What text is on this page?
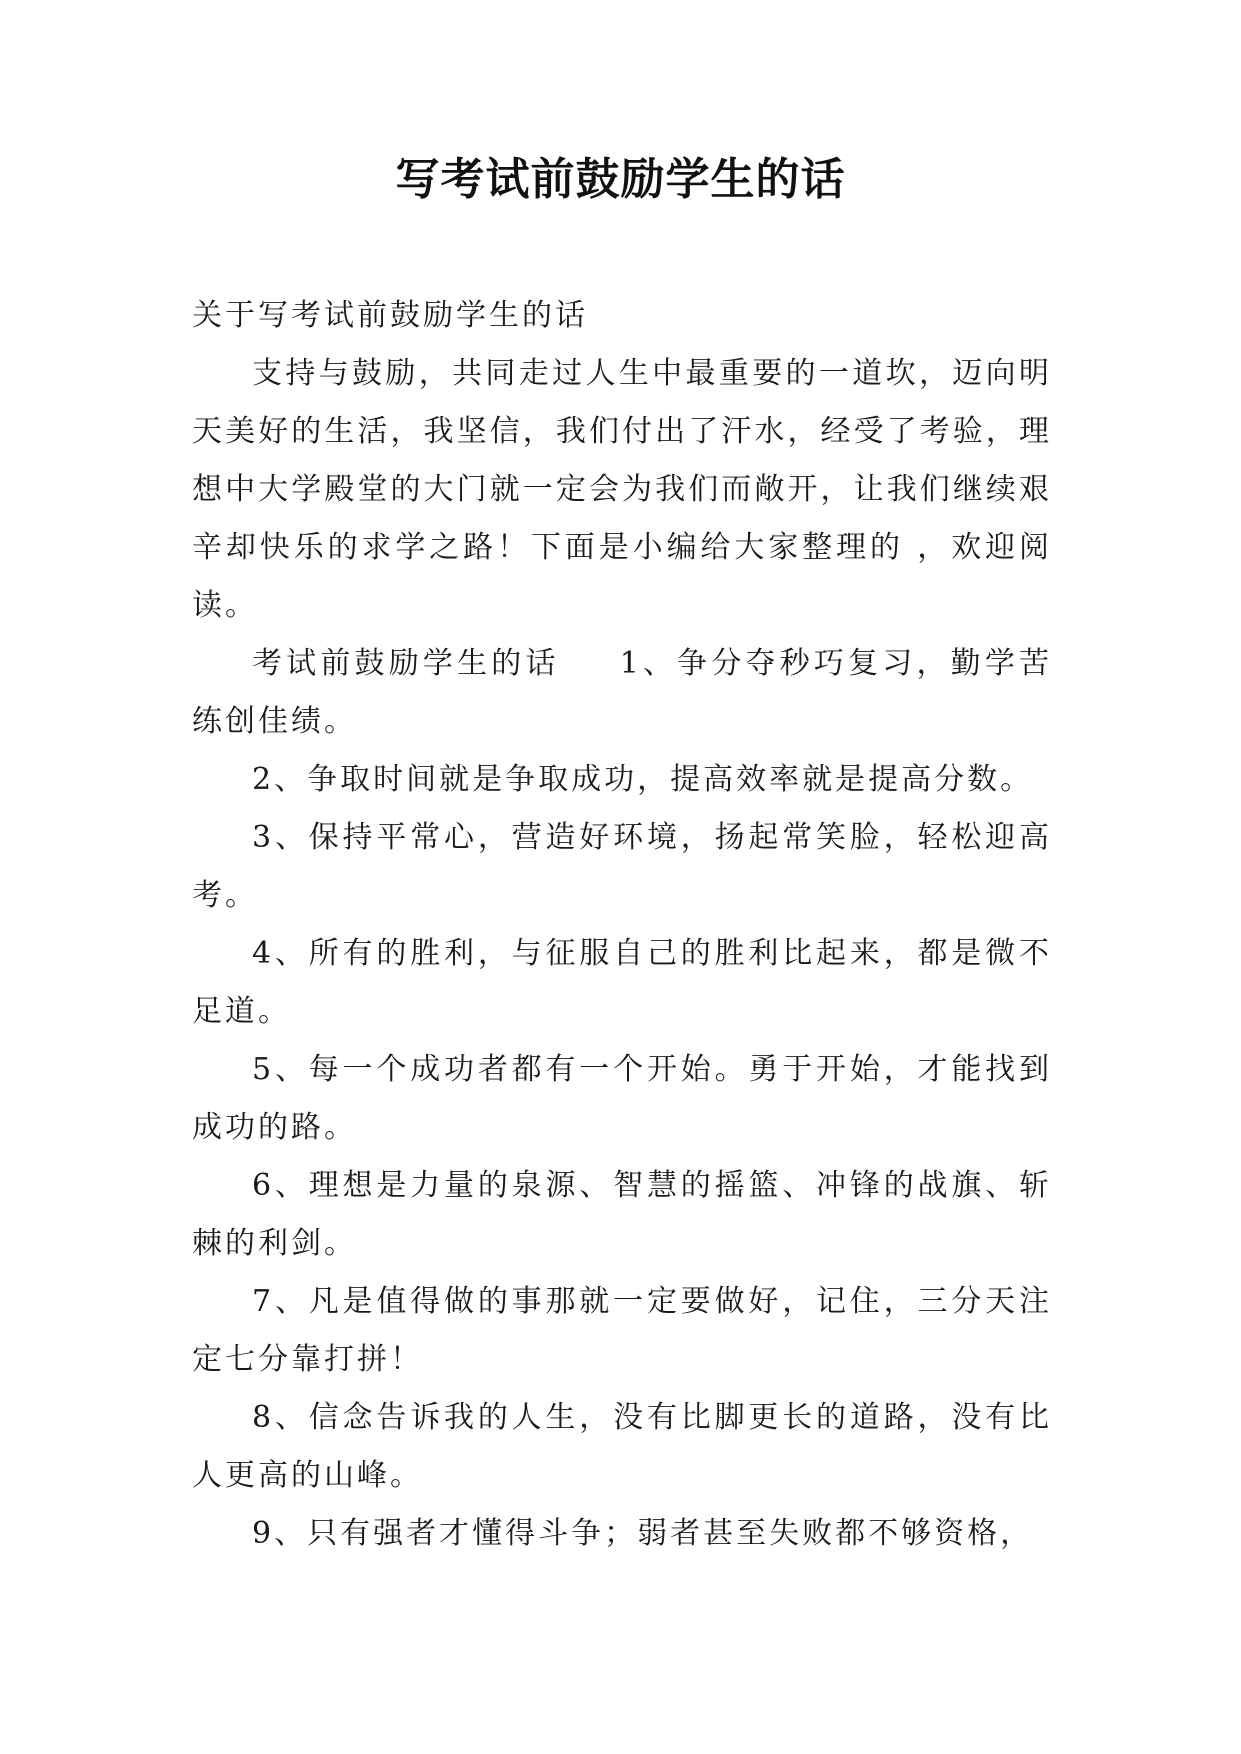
写考试前鼓励学生的话

关于写考试前鼓励学生的话

支持与鼓励，共同走过人生中最重要的一道坎，迈向明天美好的生活，我坚信，我们付出了汗水，经受了考验，理想中大学殿堂的大门就一定会为我们而敞开，让我们继续艰辛却快乐的求学之路！下面是小编给大家整理的 ，欢迎阅读。

考试前鼓励学生的话 1、争分夺秒巧复习，勤学苦练创佳绩。

2、争取时间就是争取成功，提高效率就是提高分数。

3、保持平常心，营造好环境，扬起常笑脸，轻松迎高考。

4、所有的胜利，与征服自己的胜利比起来，都是微不足道。

5、每一个成功者都有一个开始。勇于开始，才能找到成功的路。

6、理想是力量的泉源、智慧的摇篮、冲锋的战旗、斩棘的利剑。

7、凡是值得做的事那就一定要做好，记住，三分天注定七分靠打拼！

8、信念告诉我的人生，没有比脚更长的道路，没有比人更高的山峰。

9、只有强者才懂得斗争；弱者甚至失败都不够资格，
